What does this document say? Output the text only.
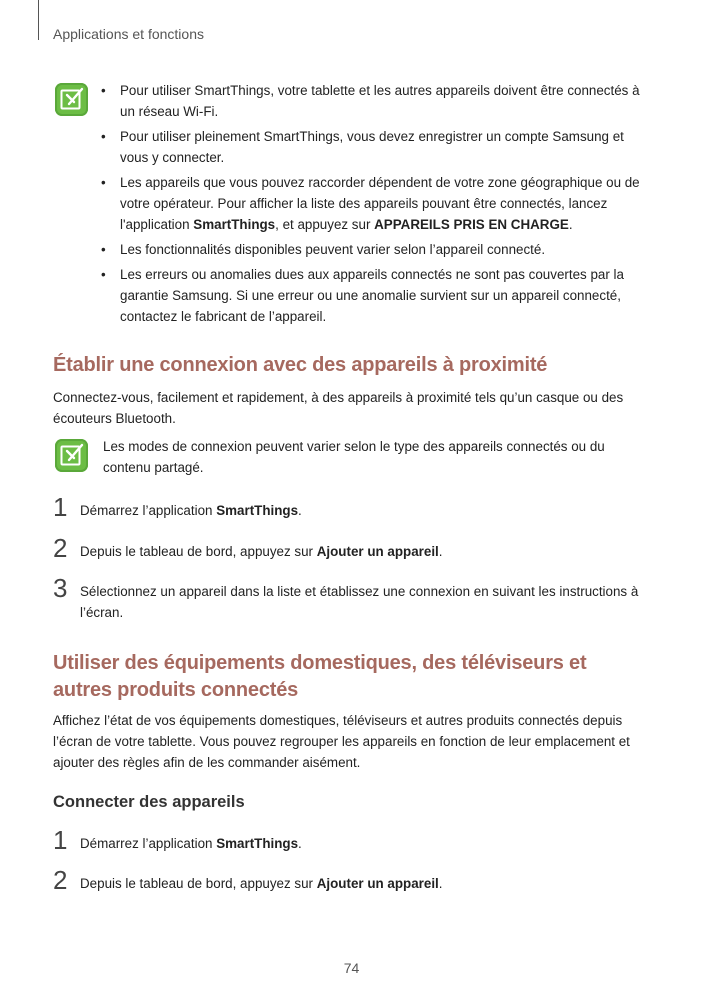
Applications et fonctions
• Pour utiliser SmartThings, votre tablette et les autres appareils doivent être connectés à un réseau Wi-Fi.
• Pour utiliser pleinement SmartThings, vous devez enregistrer un compte Samsung et vous y connecter.
• Les appareils que vous pouvez raccorder dépendent de votre zone géographique ou de votre opérateur. Pour afficher la liste des appareils pouvant être connectés, lancez l'application SmartThings, et appuyez sur APPAREILS PRIS EN CHARGE.
• Les fonctionnalités disponibles peuvent varier selon l’appareil connecté.
• Les erreurs ou anomalies dues aux appareils connectés ne sont pas couvertes par la garantie Samsung. Si une erreur ou une anomalie survient sur un appareil connecté, contactez le fabricant de l’appareil.
Établir une connexion avec des appareils à proximité
Connectez-vous, facilement et rapidement, à des appareils à proximité tels qu’un casque ou des écouteurs Bluetooth.
Les modes de connexion peuvent varier selon le type des appareils connectés ou du contenu partagé.
1 Démarrez l’application SmartThings.
2 Depuis le tableau de bord, appuyez sur Ajouter un appareil.
3 Sélectionnez un appareil dans la liste et établissez une connexion en suivant les instructions à l’écran.
Utiliser des équipements domestiques, des téléviseurs et autres produits connectés
Affichez l’état de vos équipements domestiques, téléviseurs et autres produits connectés depuis l’écran de votre tablette. Vous pouvez regrouper les appareils en fonction de leur emplacement et ajouter des règles afin de les commander aisément.
Connecter des appareils
1 Démarrez l’application SmartThings.
2 Depuis le tableau de bord, appuyez sur Ajouter un appareil.
74
